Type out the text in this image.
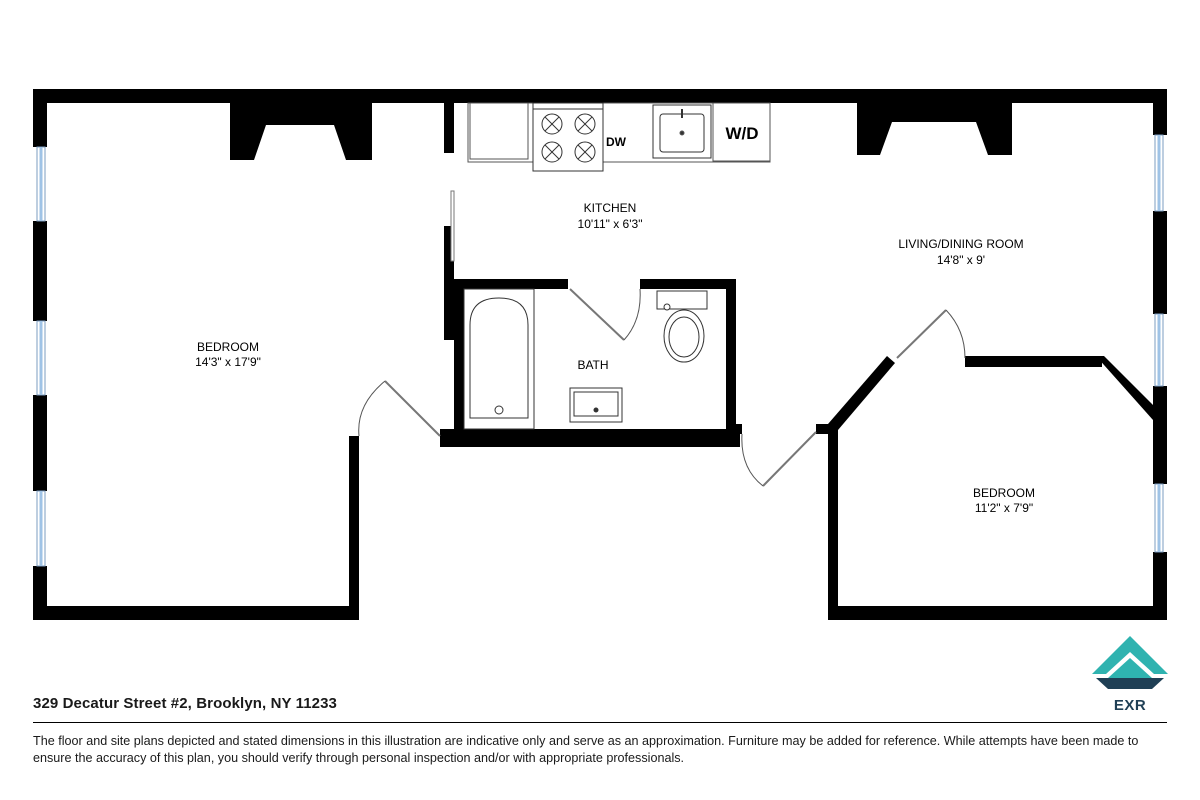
DW	W/D
BEDROOM
14'3" x 17'9"
KITCHEN
10'11" x 6'3"
LIVING/DINING ROOM
14'8" x 9'
BATH
BEDROOM
11'2" x 7'9"
EXR
329 Decatur Street #2, Brooklyn, NY 11233
The floor and site plans depicted and stated dimensions in this illustration are indicative only and serve as an approximation. Furniture may be added for reference. While attempts have been made to ensure the accuracy of this plan, you should verify through personal inspection and/or with appropriate professionals.
